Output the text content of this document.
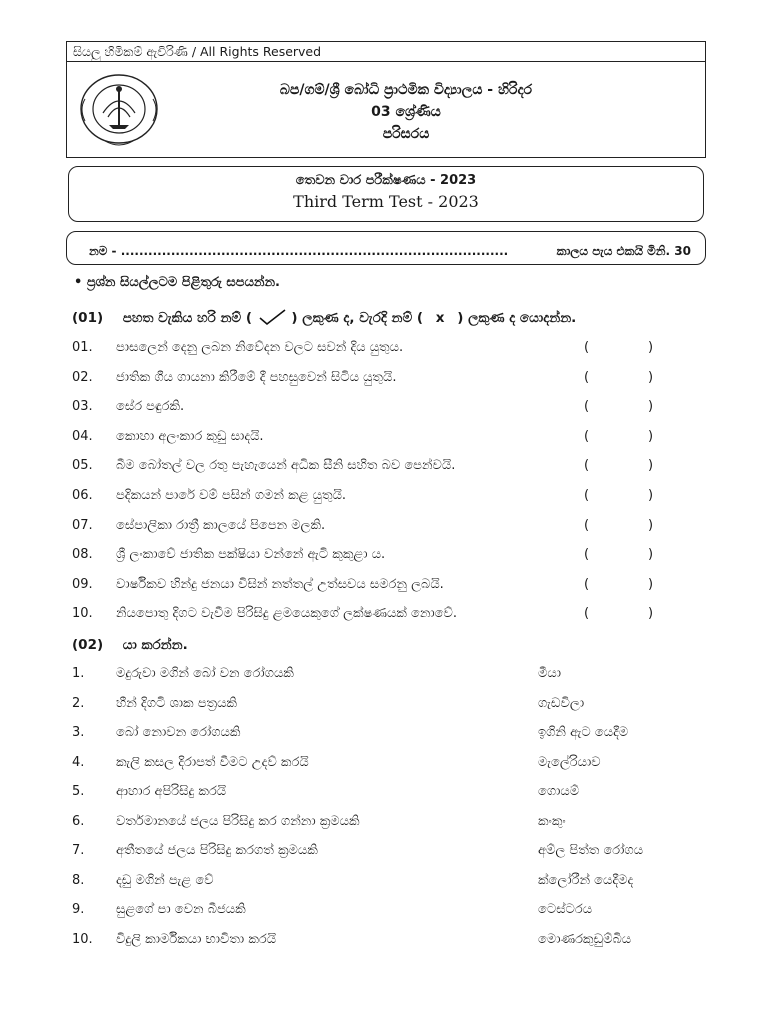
සියලු හිමිකම් ඇවිරිණි / All Rights Reserved
බප/ගම්/ශ්‍රී බෝධි ප්‍රාථමික විද්‍යාලය - හිරිදර
03 ශ්‍රේණිය
පරිසරය
තෙවන වාර පරීක්ෂණය - 2023
Third Term Test - 2023
නම - .....................................................................................	කාලය පැය එකයි මිනි. 30
• ප්‍රශ්න සියල්ලටම පිළිතුරු සපයන්න.
(01) පහත වැකිය හරි නම් (	) ලකුණ ද, වැරදි නම් ( x ) ලකුණ ද යොදන්න.
01. පාසලෙන් දෙනු ලබන නිවේදන වලට සවන් දිය යුතුය.	(	)
02. ජාතික ගීය ගායනා කිරීමේ දී පහසුවෙන් සිටිය යුතුයි.	(	)
03. සේර පඳුරකි.	(	)
04. කොහා අලංකාර කුඩු සාදයි.	(	)
05. බීම බෝතල් වල රතු පැහැයෙන් අධික සීනි සහිත බව පෙන්වයි.	(	)
06. පදිකයන් පාරේ වම් පසින් ගමන් කළ යුතුයි.	(	)
07. සේපාලිකා රාත්‍රී කාලයේ පිපෙන මලකි.	(	)
08. ශ්‍රී ලංකාවේ ජාතික පක්ෂියා වන්නේ ඇටි කුකුළා ය.	(	)
09. වාර්ෂිකව හින්දු ජනයා විසින් නත්තල් උත්සවය සමරනු ලබයි.	(	)
10. නියපොතු දිගට වැවීම පිරිසිදු ළමයෙකුගේ ලක්ෂණයක් නොවේ.	(	)
(02) යා කරන්න.
1. මදුරුවා මගින් බෝ වන රෝගයකි	මීයා
2. හීන් දිගටි ශාක පත්‍රයකි	ගැඩවිලා
3. බෝ නොවන රෝගයකි	ඉගිනි ඇට යෙදීම
4. කැලි කසල දිරාපත් වීමට උදව් කරයි	මැලේරියාව
5. ආහාර අපිරිසිදු කරයි	ගොයම්
6. වර්තමානයේ ජලය පිරිසිදු කර ගන්නා ක්‍රමයකි	කංකුං
7. අතීතයේ ජලය පිරිසිදු කරගත් ක්‍රමයකි	අම්ල පිත්ත රෝගය
8. දඩු මගින් පැළ වේ	ක්ලෝරීන් යෙදීමද
9. සුළගේ පා වෙන බීජයකි	ටෙස්ටරය
10. විදුලි කාර්මිකයා භාවිතා කරයි	මොණරකුඩුම්බිය
